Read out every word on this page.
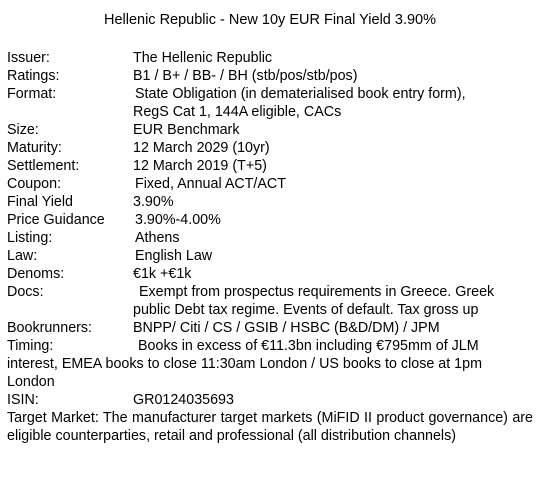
Hellenic Republic - New 10y EUR Final Yield 3.90%
Issuer:	The Hellenic Republic
Ratings:	B1 / B+ / BB- / BH (stb/pos/stb/pos)
Format:	State Obligation (in dematerialised book entry form),
RegS Cat 1, 144A eligible, CACs
Size:	EUR Benchmark
Maturity:	12 March 2029 (10yr)
Settlement:	12 March 2019 (T+5)
Coupon:	Fixed, Annual ACT/ACT
Final Yield	3.90%
Price Guidance 3.90%-4.00%
Listing:	Athens
Law:	English Law
Denoms:	€1k +€1k
Docs:	Exempt from prospectus requirements in Greece. Greek
public Debt tax regime. Events of default. Tax gross up
Bookrunners:	BNPP/ Citi / CS / GSIB / HSBC (B&D/DM) / JPM
Timing:	Books in excess of €11.3bn including €795mm of JLM
interest, EMEA books to close 11:30am London / US books to close at 1pm London
ISIN:	GR0124035693
Target Market: The manufacturer target markets (MiFID II product governance) are eligible counterparties, retail and professional (all distribution channels)
